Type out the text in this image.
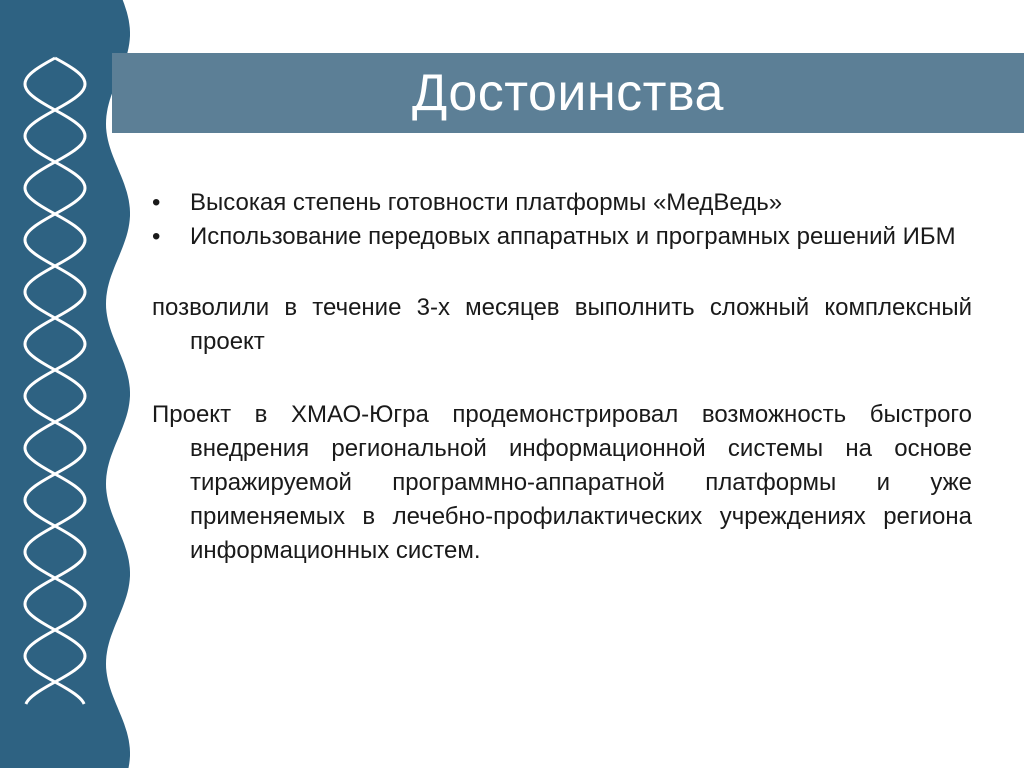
Достоинства
•	Высокая степень готовности платформы «МедВедь»
•	Использование передовых аппаратных и програмных решений ИБМ

позволили в течение 3-х месяцев выполнить сложный комплексный проект

Проект в ХМАО-Югра продемонстрировал возможность быстрого внедрения региональной информационной системы на основе тиражируемой программно-аппаратной платформы и уже применяемых в лечебно-профилактических учреждениях региона информационных систем.
